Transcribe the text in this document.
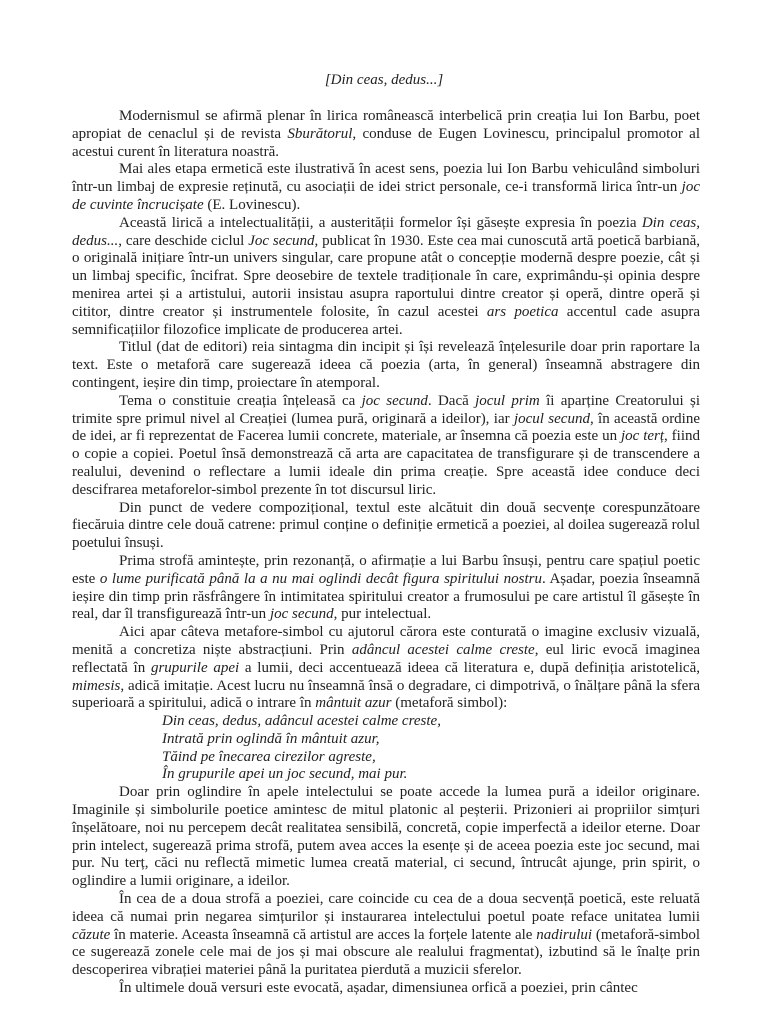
[Din ceas, dedus...]

Modernismul se afirmă plenar în lirica românească interbelică prin creația lui Ion Barbu, poet apropiat de cenaclul și de revista Sburătorul, conduse de Eugen Lovinescu, principalul promotor al acestui curent în literatura noastră.

Mai ales etapa ermetică este ilustrativă în acest sens, poezia lui Ion Barbu vehiculând simboluri într-un limbaj de expresie reținută, cu asociații de idei strict personale, ce-i transformă lirica într-un joc de cuvinte încrucișate (E. Lovinescu).

Această lirică a intelectualității, a austerității formelor își găsește expresia în poezia Din ceas, dedus..., care deschide ciclul Joc secund, publicat în 1930. Este cea mai cunoscută artă poetică barbiană, o originală inițiare într-un univers singular, care propune atât o concepție modernă despre poezie, cât și un limbaj specific, încifrat. Spre deosebire de textele tradiționale în care, exprimându-și opinia despre menirea artei și a artistului, autorii insistau asupra raportului dintre creator și operă, dintre operă și cititor, dintre creator și instrumentele folosite, în cazul acestei ars poetica accentul cade asupra semnificațiilor filozofice implicate de producerea artei.

Titlul (dat de editori) reia sintagma din incipit și își revelează înțelesurile doar prin raportare la text. Este o metaforă care sugerează ideea că poezia (arta, în general) înseamnă abstragere din contingent, ieșire din timp, proiectare în atemporal.

Tema o constituie creația înțeleasă ca joc secund. Dacă jocul prim îi aparține Creatorului și trimite spre primul nivel al Creației (lumea pură, originară a ideilor), iar jocul secund, în această ordine de idei, ar fi reprezentat de Facerea lumii concrete, materiale, ar însemna că poezia este un joc terț, fiind o copie a copiei. Poetul însă demonstrează că arta are capacitatea de transfigurare și de transcendere a realului, devenind o reflectare a lumii ideale din prima creație. Spre această idee conduce deci descifrarea metaforelor-simbol prezente în tot discursul liric.

Din punct de vedere compozițional, textul este alcătuit din două secvențe corespunzătoare fiecăruia dintre cele două catrene: primul conține o definiție ermetică a poeziei, al doilea sugerează rolul poetului însuși.

Prima strofă amintește, prin rezonanță, o afirmație a lui Barbu însuși, pentru care spațiul poetic este o lume purificată până la a nu mai oglindi decât figura spiritului nostru. Așadar, poezia înseamnă ieșire din timp prin răsfrângere în intimitatea spiritului creator a frumosului pe care artistul îl găsește în real, dar îl transfigurează într-un joc secund, pur intelectual.

Aici apar câteva metafore-simbol cu ajutorul cărora este conturată o imagine exclusiv vizuală, menită a concretiza niște abstracțiuni. Prin adâncul acestei calme creste, eul liric evocă imaginea reflectată în grupurile apei a lumii, deci accentuează ideea că literatura e, după definiția aristotelică, mimesis, adică imitație. Acest lucru nu înseamnă însă o degradare, ci dimpotrivă, o înălțare până la sfera superioară a spiritului, adică o intrare în mântuit azur (metaforă simbol):

Din ceas, dedus, adâncul acestei calme creste,
Intrată prin oglindă în mântuit azur,
Tăind pe înecarea cirezilor agreste,
În grupurile apei un joc secund, mai pur.

Doar prin oglindire în apele intelectului se poate accede la lumea pură a ideilor originare. Imaginile și simbolurile poetice amintesc de mitul platonic al peșterii. Prizonieri ai propriilor simțuri înșelătoare, noi nu percepem decât realitatea sensibilă, concretă, copie imperfectă a ideilor eterne. Doar prin intelect, sugerează prima strofă, putem avea acces la esențe și de aceea poezia este joc secund, mai pur. Nu terț, căci nu reflectă mimetic lumea creată material, ci secund, întrucât ajunge, prin spirit, o oglindire a lumii originare, a ideilor.

În cea de a doua strofă a poeziei, care coincide cu cea de a doua secvență poetică, este reluată ideea că numai prin negarea simțurilor și instaurarea intelectului poetul poate reface unitatea lumii căzute în materie. Aceasta înseamnă că artistul are acces la forțele latente ale nadirului (metaforă-simbol ce sugerează zonele cele mai de jos și mai obscure ale realului fragmentat), izbutind să le înalțe prin descoperirea vibrației materiei până la puritatea pierdută a muzicii sferelor.

În ultimele două versuri este evocată, așadar, dimensiunea orfică a poeziei, prin cântec
